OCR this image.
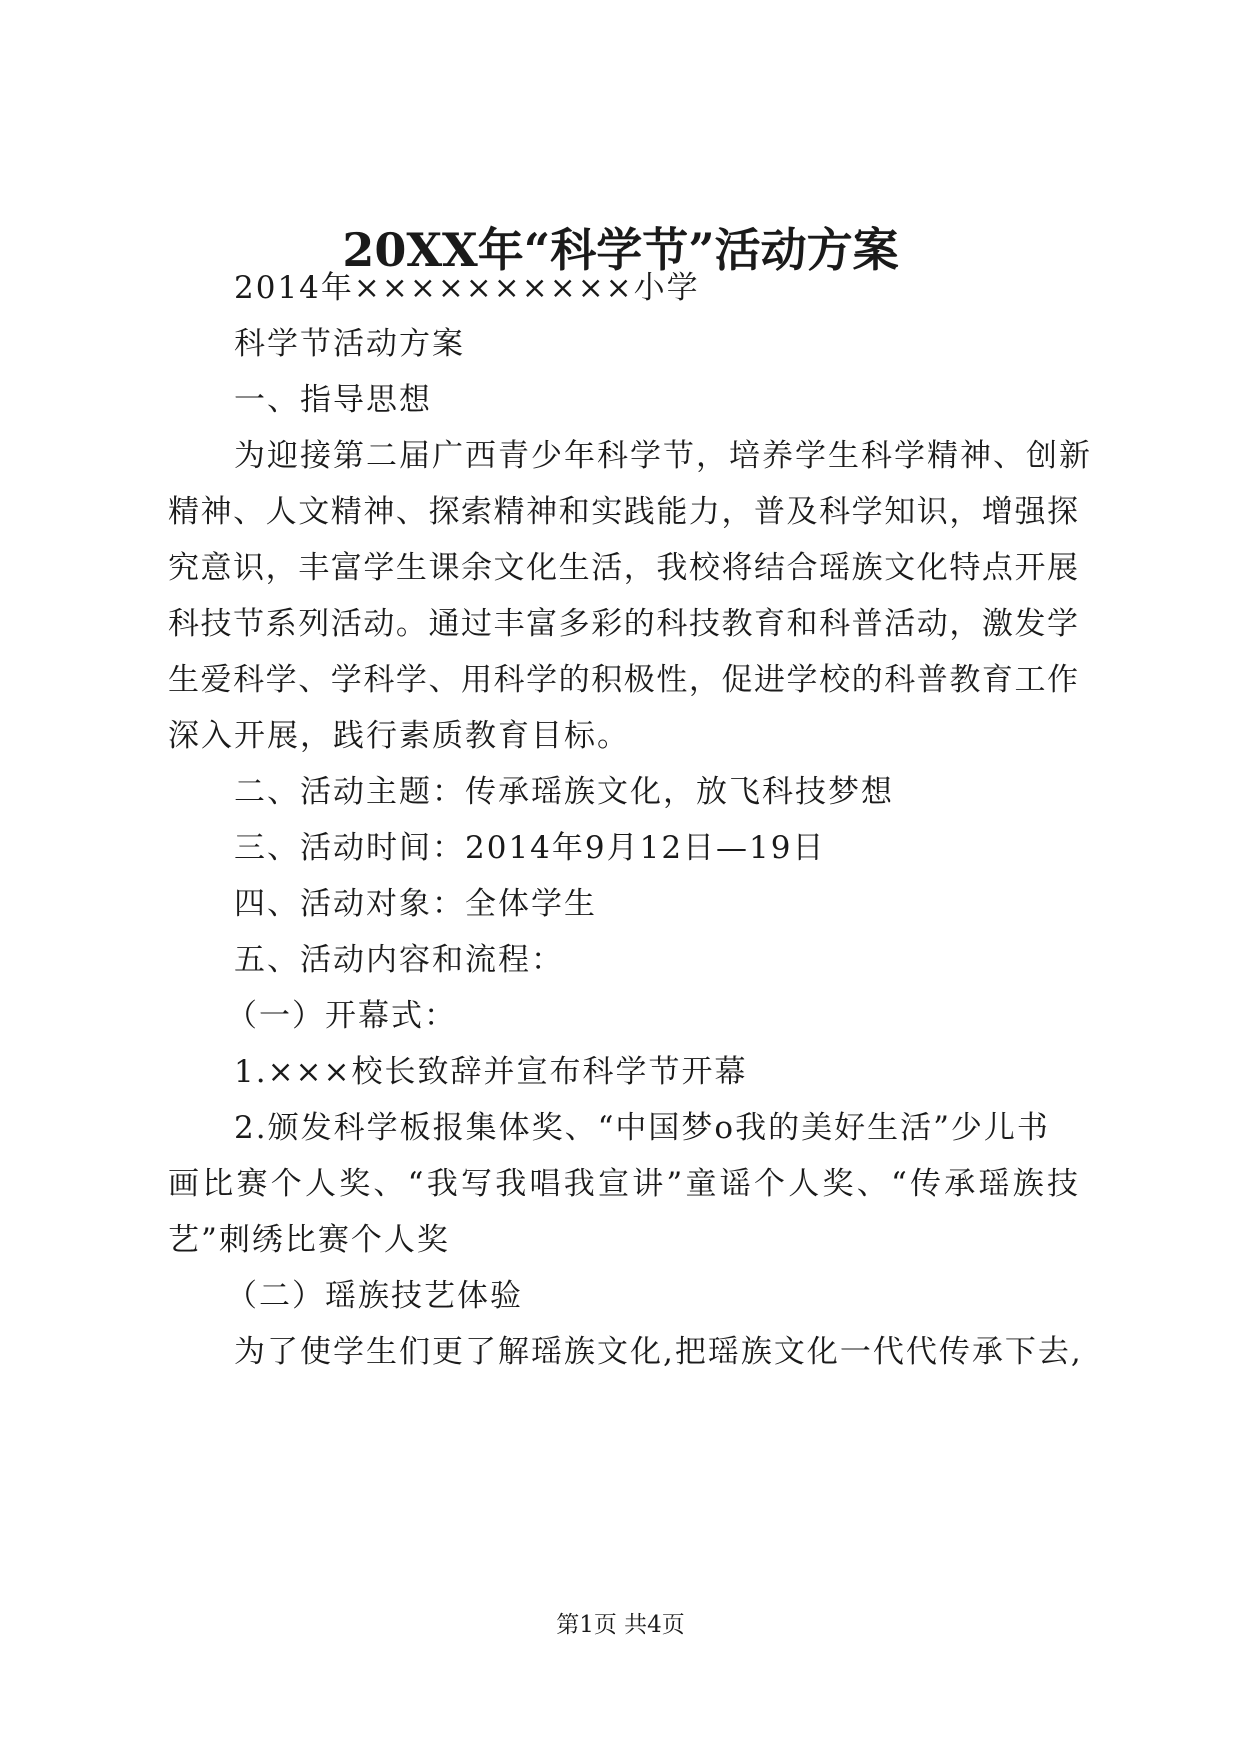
20XX年“科学节”活动方案
2014年××××××××××小学
科学节活动方案
一、指导思想
为迎接第二届广西青少年科学节，培养学生科学精神、创新
精神、人文精神、探索精神和实践能力，普及科学知识，增强探
究意识，丰富学生课余文化生活，我校将结合瑶族文化特点开展
科技节系列活动。通过丰富多彩的科技教育和科普活动，激发学
生爱科学、学科学、用科学的积极性，促进学校的科普教育工作
深入开展，践行素质教育目标。
二、活动主题：传承瑶族文化，放飞科技梦想
三、活动时间：2014年9月12日—19日
四、活动对象：全体学生
五、活动内容和流程：
（一）开幕式：
1.×××校长致辞并宣布科学节开幕
2.颁发科学板报集体奖、“中国梦o我的美好生活”少儿书
画比赛个人奖、“我写我唱我宣讲”童谣个人奖、“传承瑶族技
艺”刺绣比赛个人奖
（二）瑶族技艺体验
为了使学生们更了解瑶族文化,把瑶族文化一代代传承下去,
第1页 共4页
